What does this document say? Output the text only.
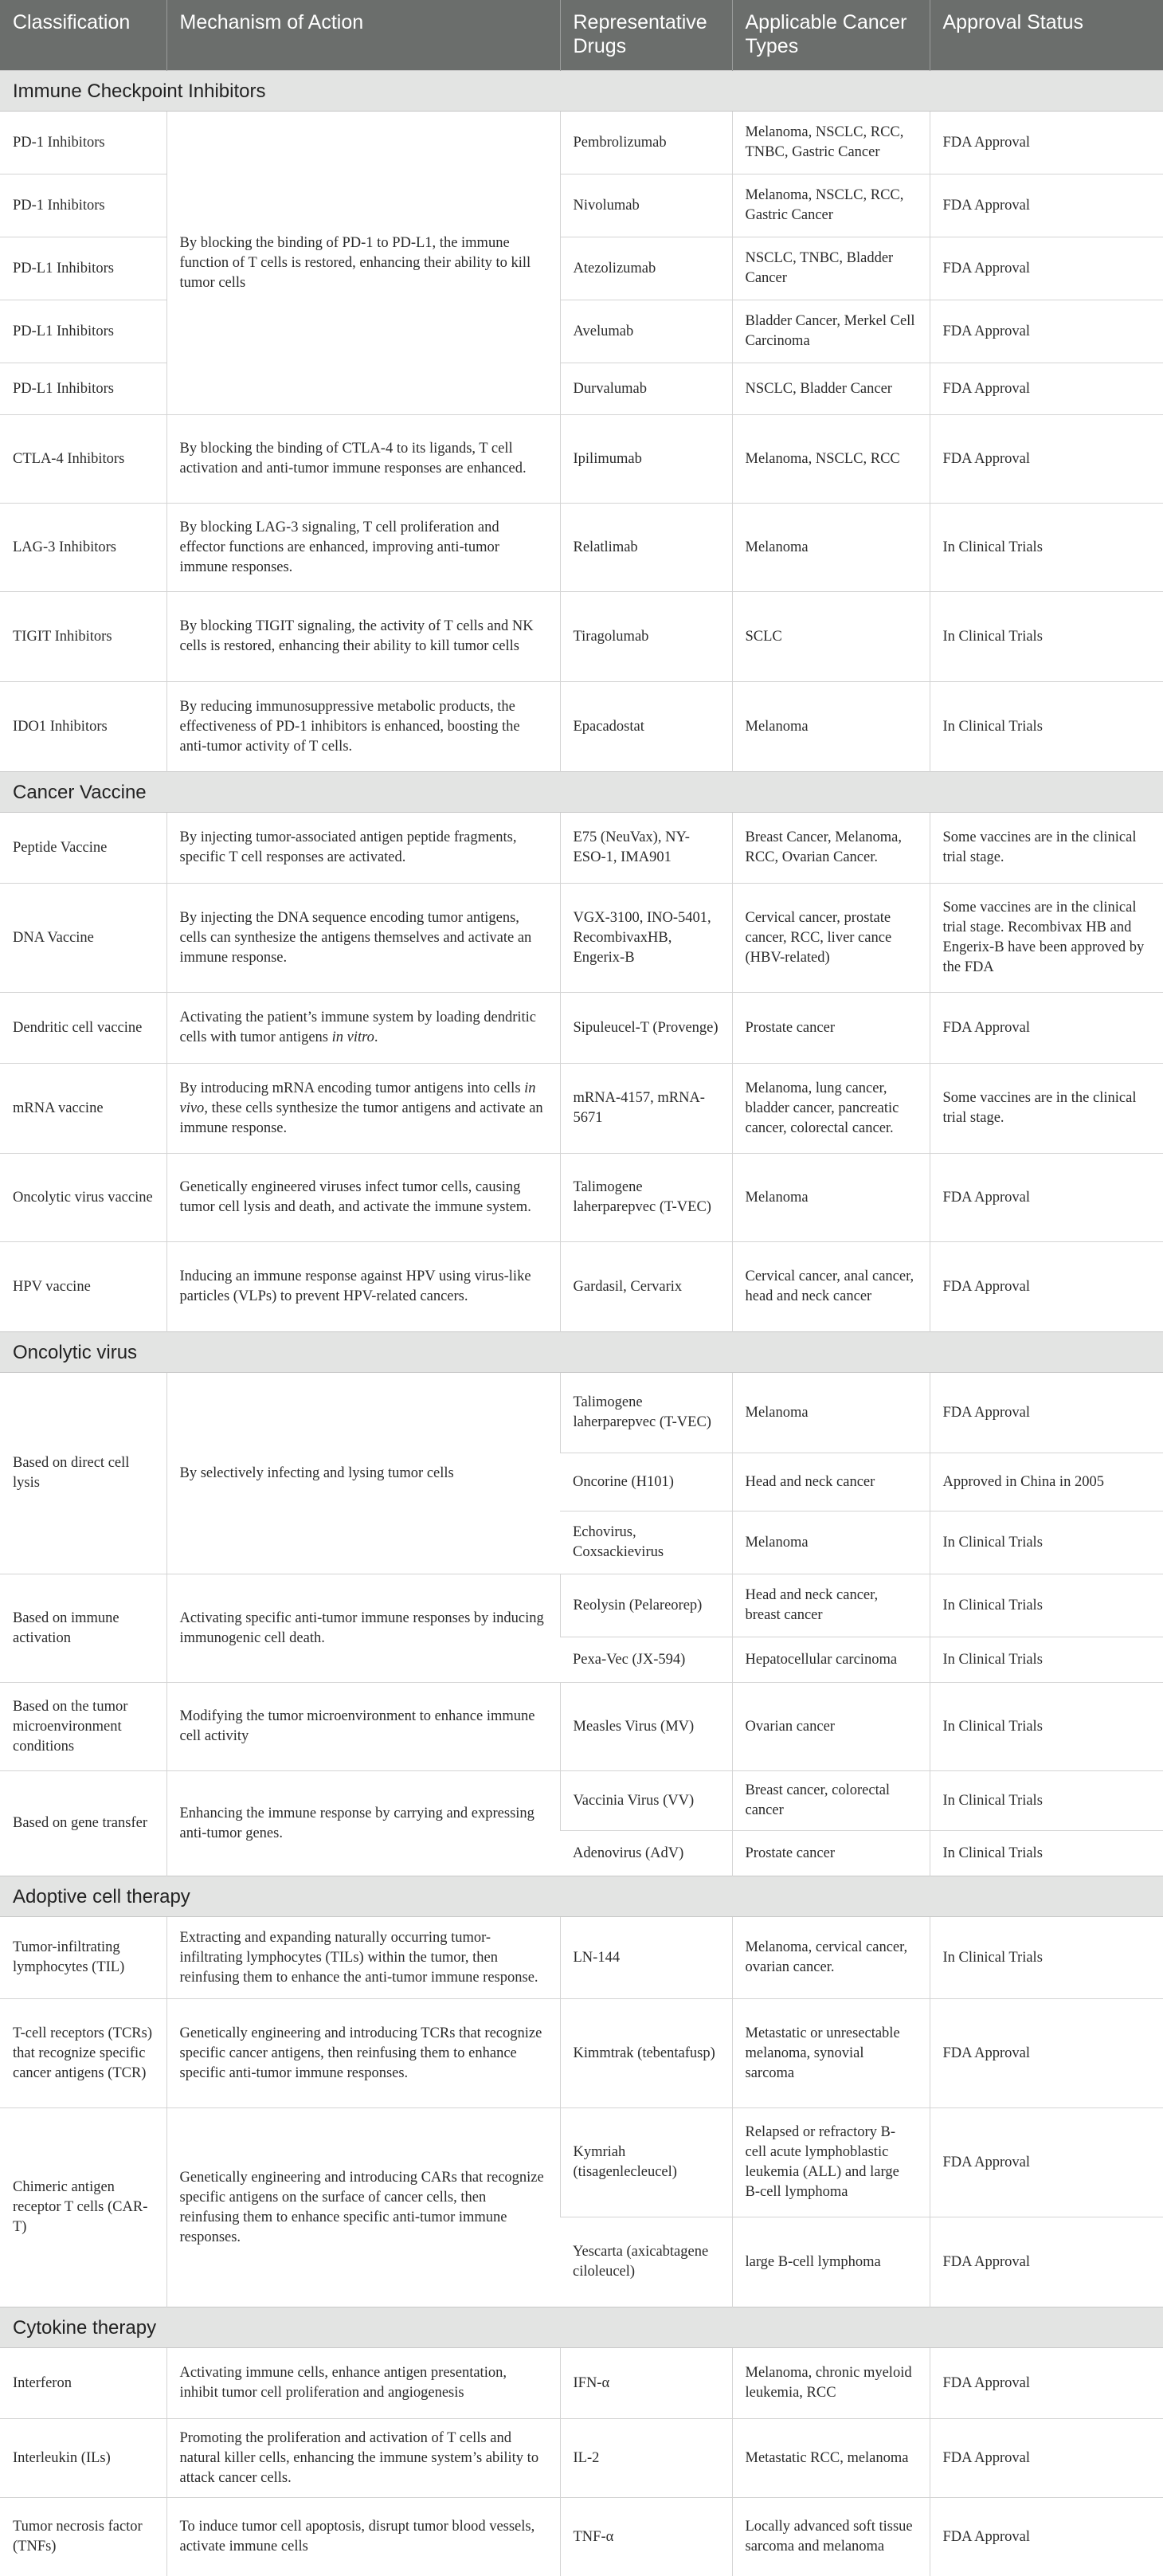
Classification	Mechanism of Action	Representative Drugs	Applicable Cancer Types	Approval Status

Immune Checkpoint Inhibitors				
PD-1 Inhibitors	By blocking the binding of PD-1 to PD-L1, the immune function of T cells is restored, enhancing their ability to kill tumor cells	Pembrolizumab	Melanoma, NSCLC, RCC, TNBC, Gastric Cancer	FDA Approval
PD-1 Inhibitors		Nivolumab	Melanoma, NSCLC, RCC, Gastric Cancer	FDA Approval
PD-L1 Inhibitors		Atezolizumab	NSCLC, TNBC, Bladder Cancer	FDA Approval
PD-L1 Inhibitors		Avelumab	Bladder Cancer, Merkel Cell Carcinoma	FDA Approval
PD-L1 Inhibitors		Durvalumab	NSCLC, Bladder Cancer	FDA Approval
CTLA-4 Inhibitors	By blocking the binding of CTLA-4 to its ligands, T cell activation and anti-tumor immune responses are enhanced.	Ipilimumab	Melanoma, NSCLC, RCC	FDA Approval
LAG-3 Inhibitors	By blocking LAG-3 signaling, T cell proliferation and effector functions are enhanced, improving anti-tumor immune responses.	Relatlimab	Melanoma	In Clinical Trials
TIGIT Inhibitors	By blocking TIGIT signaling, the activity of T cells and NK cells is restored, enhancing their ability to kill tumor cells	Tiragolumab	SCLC	In Clinical Trials
IDO1 Inhibitors	By reducing immunosuppressive metabolic products, the effectiveness of PD-1 inhibitors is enhanced, boosting the anti-tumor activity of T cells.	Epacadostat	Melanoma	In Clinical Trials
Cancer Vaccine				
Peptide Vaccine	By injecting tumor-associated antigen peptide fragments, specific T cell responses are activated.	E75 (NeuVax), NY-ESO-1, IMA901	Breast Cancer, Melanoma, RCC, Ovarian Cancer.	Some vaccines are in the clinical trial stage.
DNA Vaccine	By injecting the DNA sequence encoding tumor antigens, cells can synthesize the antigens themselves and activate an immune response.	VGX-3100, INO-5401, RecombivaxHB, Engerix-B	Cervical cancer, prostate cancer, RCC, liver cance (HBV-related)	Some vaccines are in the clinical trial stage. Recombivax HB and Engerix-B have been approved by the FDA
Dendritic cell vaccine	Activating the patient’s immune system by loading dendritic cells with tumor antigens in vitro.	Sipuleucel-T (Provenge)	Prostate cancer	FDA Approval
mRNA vaccine	By introducing mRNA encoding tumor antigens into cells in vivo, these cells synthesize the tumor antigens and activate an immune response.	mRNA-4157, mRNA-5671	Melanoma, lung cancer, bladder cancer, pancreatic cancer, colorectal cancer.	Some vaccines are in the clinical trial stage.
Oncolytic virus vaccine	Genetically engineered viruses infect tumor cells, causing tumor cell lysis and death, and activate the immune system.	Talimogene laherparepvec (T-VEC)	Melanoma	FDA Approval
HPV vaccine	Inducing an immune response against HPV using virus-like particles (VLPs) to prevent HPV-related cancers.	Gardasil, Cervarix	Cervical cancer, anal cancer, head and neck cancer	FDA Approval
Oncolytic virus				
Based on direct cell lysis	By selectively infecting and lysing tumor cells	Talimogene laherparepvec (T-VEC)	Melanoma	FDA Approval
		Oncorine (H101)	Head and neck cancer	Approved in China in 2005
		Echovirus, Coxsackievirus	Melanoma	In Clinical Trials
Based on immune activation	Activating specific anti-tumor immune responses by inducing immunogenic cell death.	Reolysin (Pelareorep)	Head and neck cancer, breast cancer	In Clinical Trials
		Pexa-Vec (JX-594)	Hepatocellular carcinoma	In Clinical Trials
Based on the tumor microenvironment conditions	Modifying the tumor microenvironment to enhance immune cell activity	Measles Virus (MV)	Ovarian cancer	In Clinical Trials
Based on gene transfer	Enhancing the immune response by carrying and expressing anti-tumor genes.	Vaccinia Virus (VV)	Breast cancer, colorectal cancer	In Clinical Trials
		Adenovirus (AdV)	Prostate cancer	In Clinical Trials
Adoptive cell therapy				
Tumor-infiltrating lymphocytes (TIL)	Extracting and expanding naturally occurring tumor-infiltrating lymphocytes (TILs) within the tumor, then reinfusing them to enhance the anti-tumor immune response.	LN-144	Melanoma, cervical cancer, ovarian cancer.	In Clinical Trials
T-cell receptors (TCRs) that recognize specific cancer antigens (TCR)	Genetically engineering and introducing TCRs that recognize specific cancer antigens, then reinfusing them to enhance specific anti-tumor immune responses.	Kimmtrak (tebentafusp)	Metastatic or unresectable melanoma, synovial sarcoma	FDA Approval
Chimeric antigen receptor T cells (CAR-T)	Genetically engineering and introducing CARs that recognize specific antigens on the surface of cancer cells, then reinfusing them to enhance specific anti-tumor immune responses.	Kymriah (tisagenlecleucel)	Relapsed or refractory B-cell acute lymphoblastic leukemia (ALL) and large B-cell lymphoma	FDA Approval
		Yescarta (axicabtagene ciloleucel)	large B-cell lymphoma	FDA Approval
Cytokine therapy				
Interferon	Activating immune cells, enhance antigen presentation, inhibit tumor cell proliferation and angiogenesis	IFN-α	Melanoma, chronic myeloid leukemia, RCC	FDA Approval
Interleukin (ILs)	Promoting the proliferation and activation of T cells and natural killer cells, enhancing the immune system’s ability to attack cancer cells.	IL-2	Metastatic RCC, melanoma	FDA Approval
Tumor necrosis factor (TNFs)	To induce tumor cell apoptosis, disrupt tumor blood vessels, activate immune cells	TNF-α	Locally advanced soft tissue sarcoma and melanoma	FDA Approval
